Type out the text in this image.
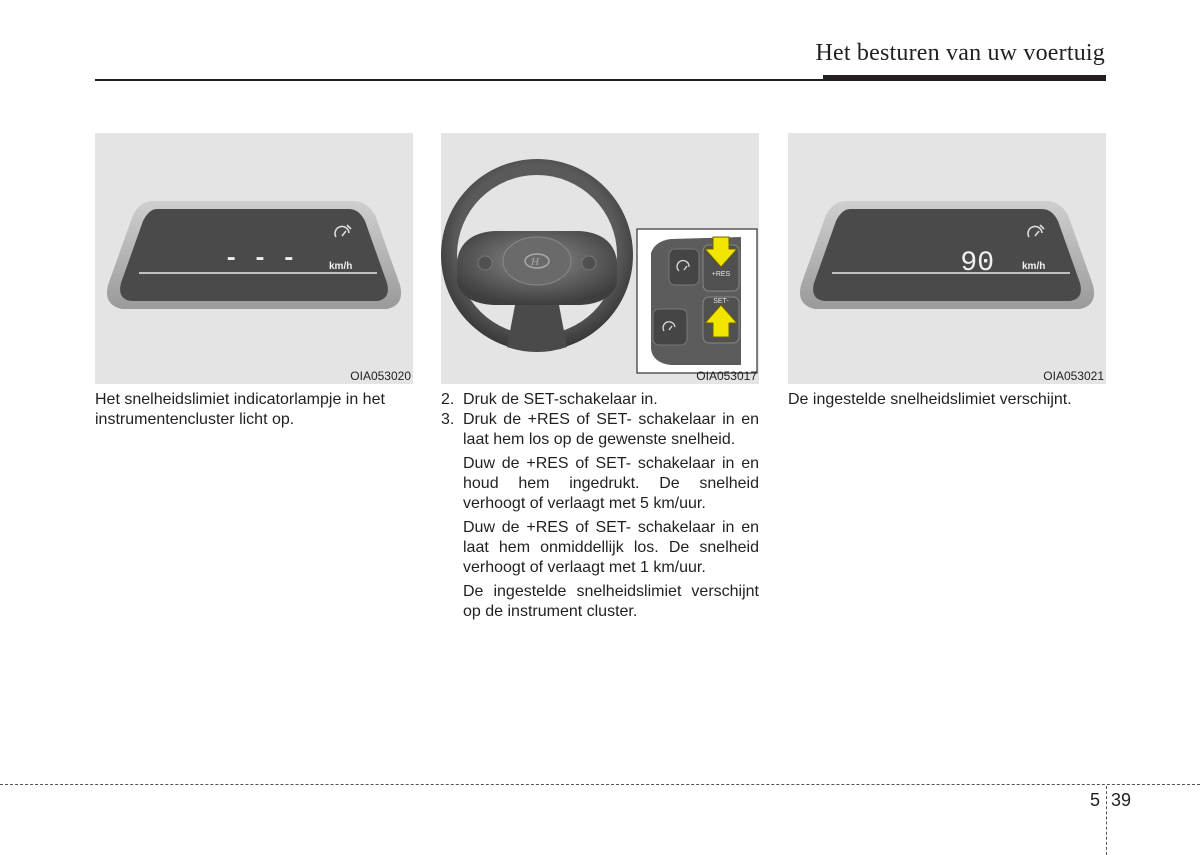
Het besturen van uw voertuig
- - -	km/h
OIA053020
H
+RES
SET-
OIA053017
90	km/h
OIA053021

Het snelheidslimiet indicatorlampje in het instrumentencluster licht op.

2. Druk de SET-schakelaar in.

3. Druk de +RES of SET- schakelaar in en laat hem los op de gewenste snelheid.

Duw de +RES of SET- schakelaar in en houd hem ingedrukt. De snelheid verhoogt of verlaagt met 5 km/uur.

Duw de +RES of SET- schakelaar in en laat hem onmiddellijk los. De snelheid verhoogt of verlaagt met 1 km/uur.

De ingestelde snelheidslimiet verschijnt op de instrument cluster.

De ingestelde snelheidslimiet verschijnt.

5 39
